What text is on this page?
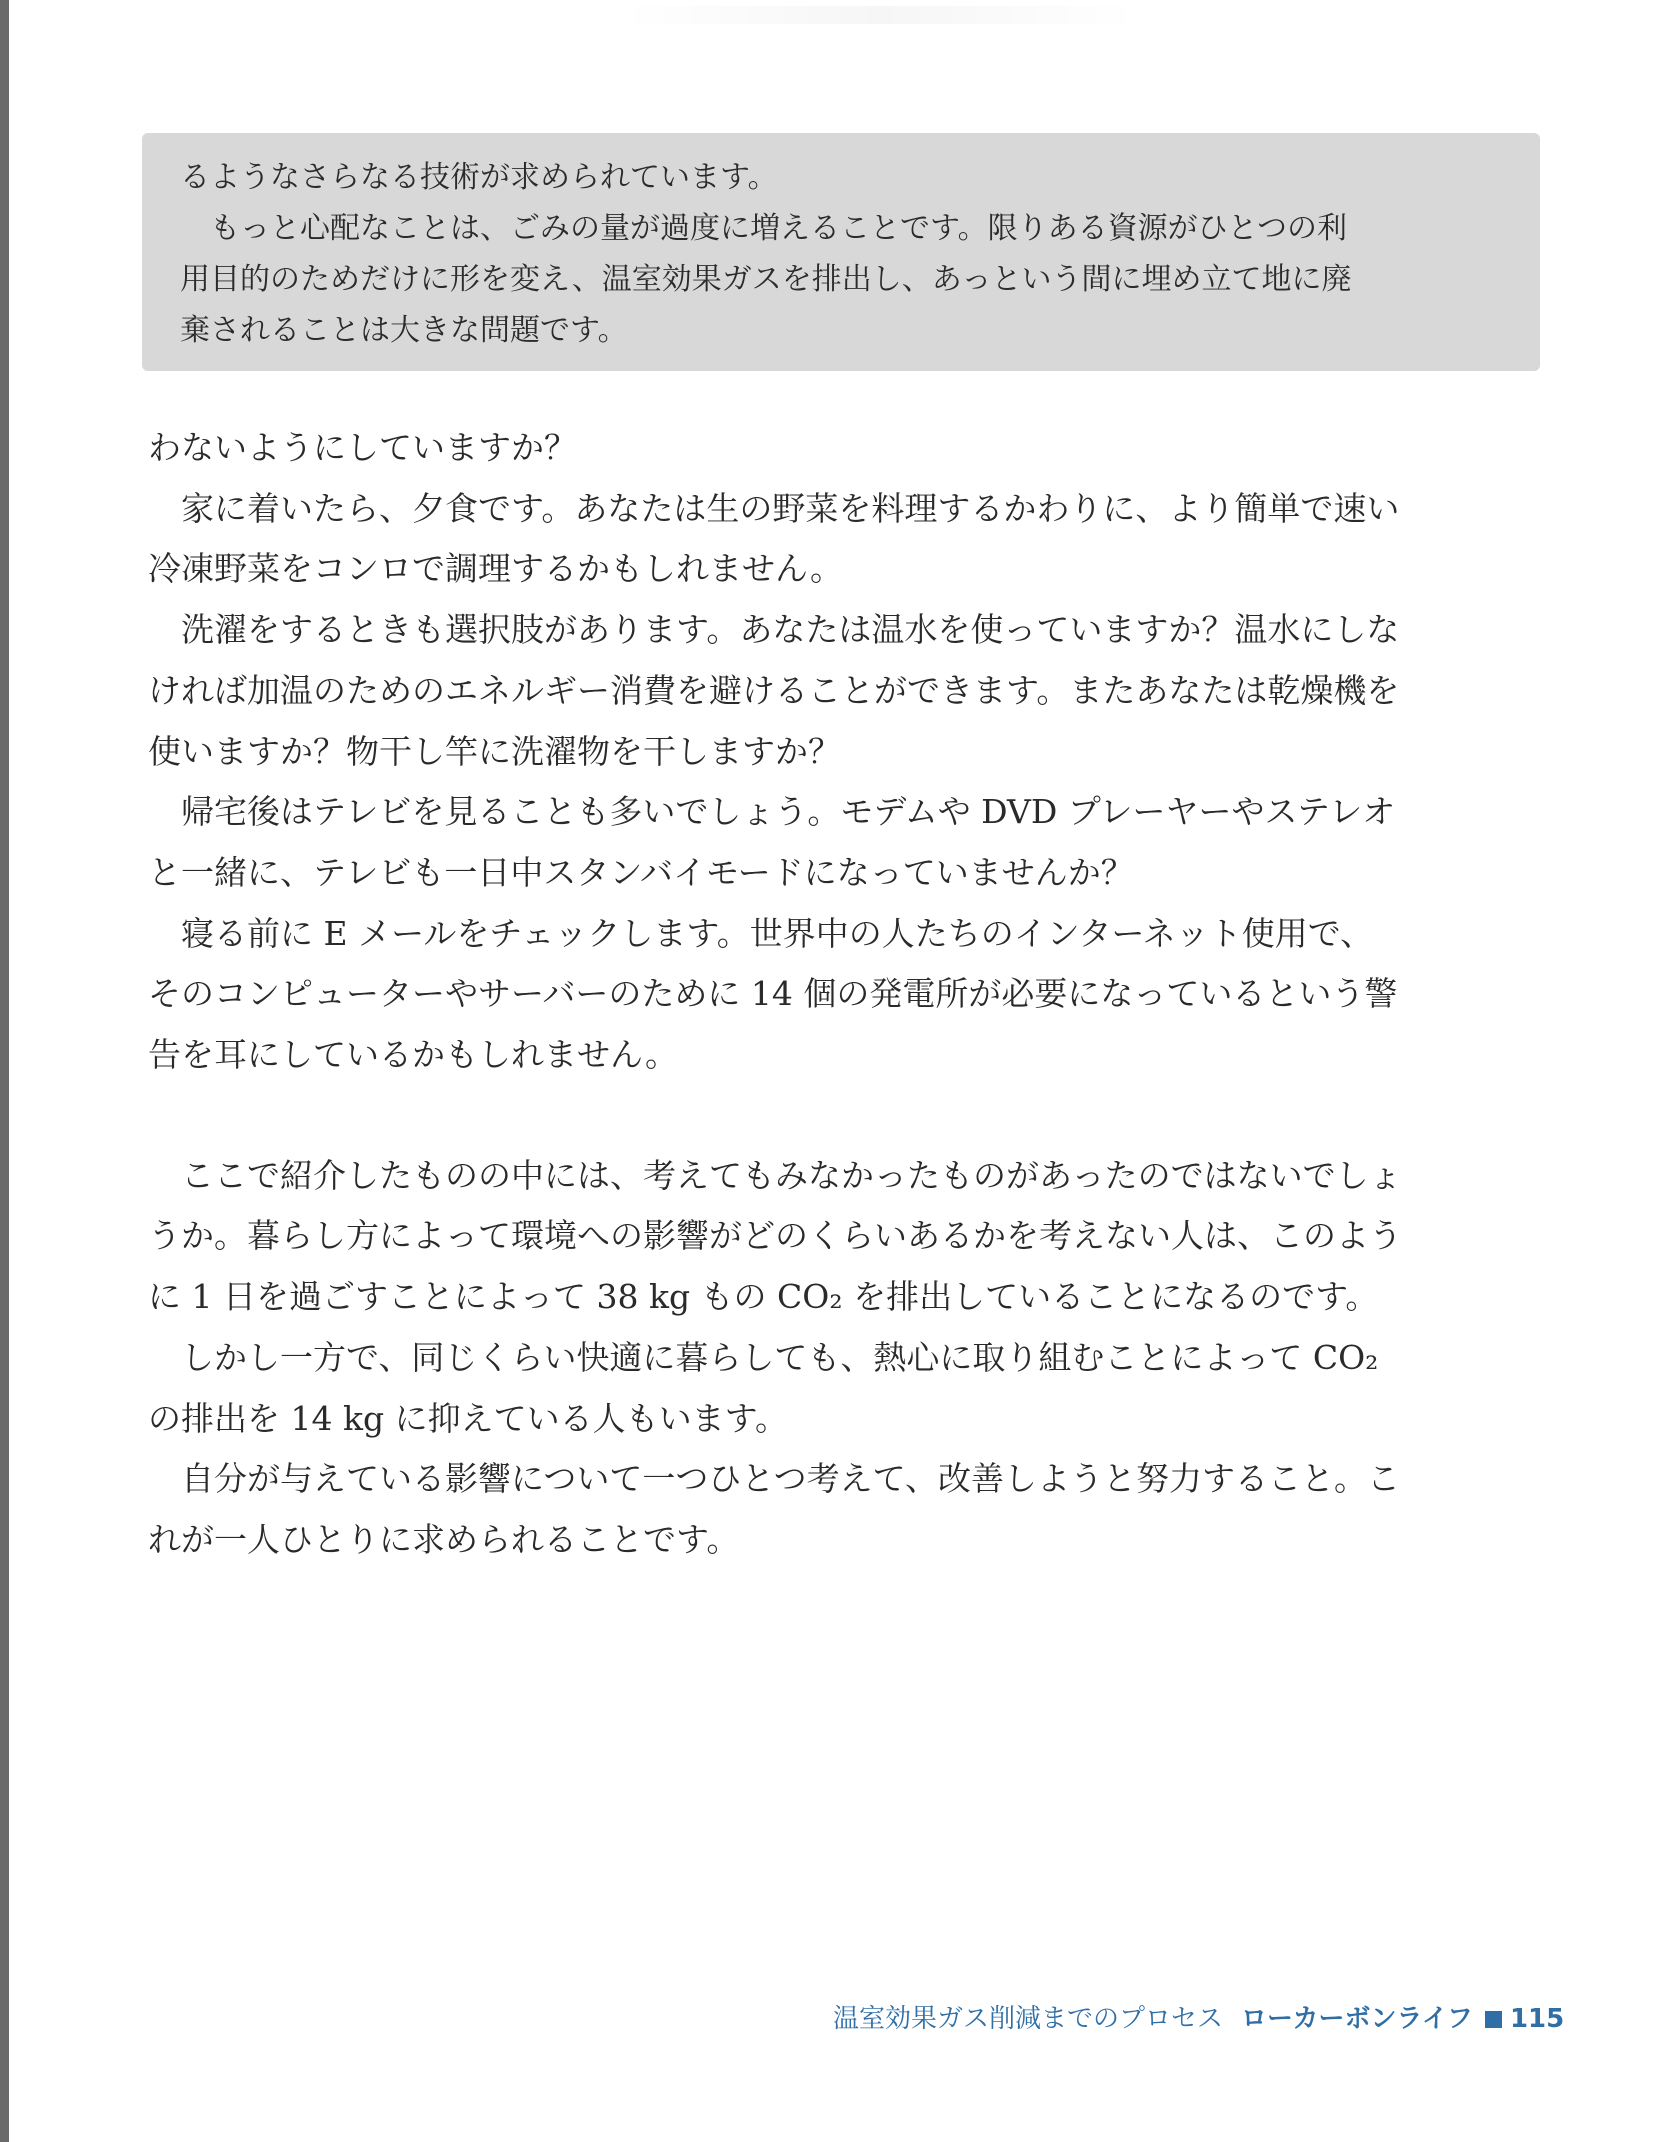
るようなさらなる技術が求められています。
　もっと心配なことは、ごみの量が過度に増えることです。限りある資源がひとつの利
用目的のためだけに形を変え、温室効果ガスを排出し、あっという間に埋め立て地に廃
棄されることは大きな問題です。
わないようにしていますか？
　家に着いたら、夕食です。あなたは生の野菜を料理するかわりに、より簡単で速い
冷凍野菜をコンロで調理するかもしれません。
　洗濯をするときも選択肢があります。あなたは温水を使っていますか？温水にしな
ければ加温のためのエネルギー消費を避けることができます。またあなたは乾燥機を
使いますか？物干し竿に洗濯物を干しますか？
　帰宅後はテレビを見ることも多いでしょう。モデムや DVD プレーヤーやステレオ
と一緒に、テレビも一日中スタンバイモードになっていませんか？
　寝る前に E メールをチェックします。世界中の人たちのインターネット使用で、
そのコンピューターやサーバーのために 14 個の発電所が必要になっているという警
告を耳にしているかもしれません。
　ここで紹介したものの中には、考えてもみなかったものがあったのではないでしょ
うか。暮らし方によって環境への影響がどのくらいあるかを考えない人は、このよう
に 1 日を過ごすことによって 38 kg もの CO₂ を排出していることになるのです。
　しかし一方で、同じくらい快適に暮らしても、熱心に取り組むことによって CO₂
の排出を 14 kg に抑えている人もいます。
　自分が与えている影響について一つひとつ考えて、改善しようと努力すること。こ
れが一人ひとりに求められることです。
温室効果ガス削減までのプロセス ローカーボンライフ 115
